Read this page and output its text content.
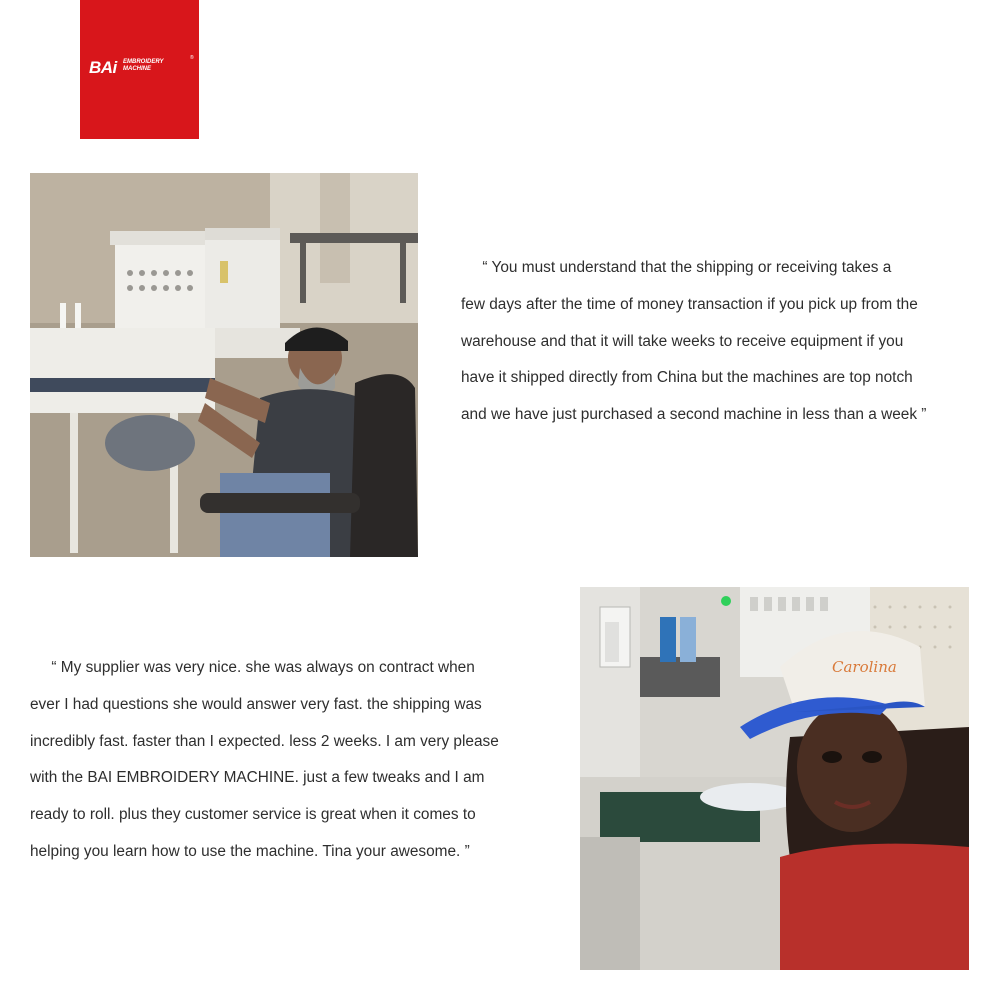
BAi EMBROIDERY
MACHINE
®
“ You must understand that the shipping or receiving takes a
few days after the time of money transaction if you pick up from the
warehouse and that it will take weeks to receive equipment if you
have it shipped directly from China but the machines are top notch
and we have just purchased a second machine in less than a week ”
“ My supplier was very nice. she was always on contract when
ever I had questions she would answer very fast. the shipping was
incredibly fast. faster than I expected. less 2 weeks. I am very please
with the BAI EMBROIDERY MACHINE. just a few tweaks and I am
ready to roll. plus they customer service is great when it comes to
helping you learn how to use the machine. Tina your awesome. ”
Carolina
